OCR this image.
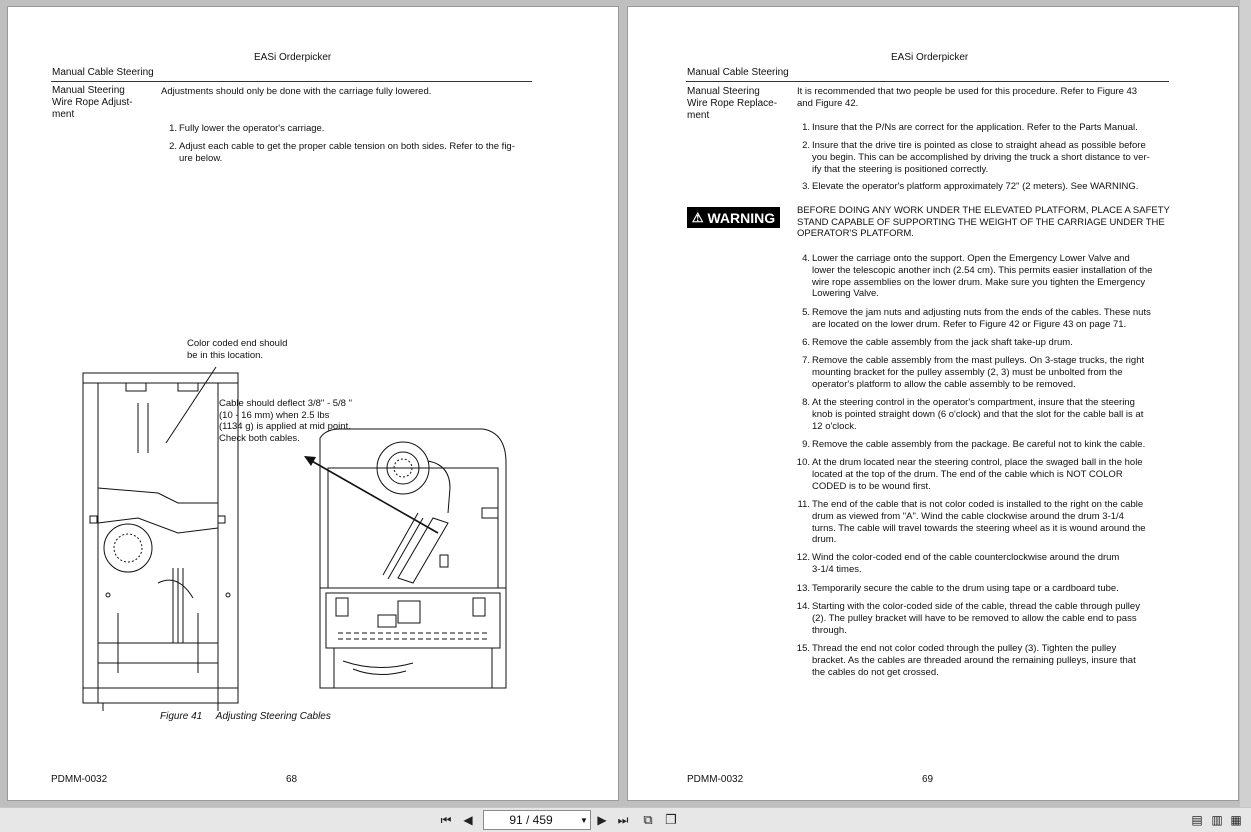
EASi Orderpicker
Manual Cable Steering
Manual Steering
Wire Rope Adjust-
ment
Adjustments should only be done with the carriage fully lowered.
1. Fully lower the operator's carriage.
2. Adjust each cable to get the proper cable tension on both sides. Refer to the fig-
ure below.
Color coded end should
be in this location.
Cable should deflect 3/8" - 5/8 "
(10 - 16 mm) when 2.5 lbs
(1134 g) is applied at mid point.
Check both cables.
Figure 41 Adjusting Steering Cables
PDMM-0032	68
EASi Orderpicker
Manual Cable Steering
Manual Steering
Wire Rope Replace-
ment
It is recommended that two people be used for this procedure. Refer to Figure 43
and Figure 42.
1. Insure that the P/Ns are correct for the application. Refer to the Parts Manual.
2. Insure that the drive tire is pointed as close to straight ahead as possible before
you begin. This can be accomplished by driving the truck a short distance to ver-
ify that the steering is positioned correctly.
3. Elevate the operator's platform approximately 72" (2 meters). See WARNING.
⚠ WARNING BEFORE DOING ANY WORK UNDER THE ELEVATED PLATFORM, PLACE A SAFETY
STAND CAPABLE OF SUPPORTING THE WEIGHT OF THE CARRIAGE UNDER THE
OPERATOR'S PLATFORM.
4. Lower the carriage onto the support. Open the Emergency Lower Valve and
lower the telescopic another inch (2.54 cm). This permits easier installation of the
wire rope assemblies on the lower drum. Make sure you tighten the Emergency
Lowering Valve.
5. Remove the jam nuts and adjusting nuts from the ends of the cables. These nuts
are located on the lower drum. Refer to Figure 42 or Figure 43 on page 71.
6. Remove the cable assembly from the jack shaft take-up drum.
7. Remove the cable assembly from the mast pulleys. On 3-stage trucks, the right
mounting bracket for the pulley assembly (2, 3) must be unbolted from the
operator's platform to allow the cable assembly to be removed.
8. At the steering control in the operator's compartment, insure that the steering
knob is pointed straight down (6 o'clock) and that the slot for the cable ball is at
12 o'clock.
9. Remove the cable assembly from the package. Be careful not to kink the cable.
10. At the drum located near the steering control, place the swaged ball in the hole
located at the top of the drum. The end of the cable which is NOT COLOR
CODED is to be wound first.
11. The end of the cable that is not color coded is installed to the right on the cable
drum as viewed from "A". Wind the cable clockwise around the drum 3-1/4
turns. The cable will travel towards the steering wheel as it is wound around the
drum.
12. Wind the color-coded end of the cable counterclockwise around the drum
3-1/4 times.
13. Temporarily secure the cable to the drum using tape or a cardboard tube.
14. Starting with the color-coded side of the cable, thread the cable through pulley
(2). The pulley bracket will have to be removed to allow the cable end to pass
through.
15. Thread the end not color coded through the pulley (3). Tighten the pulley
bracket. As the cables are threaded around the remaining pulleys, insure that
the cables do not get crossed.
PDMM-0032	69
⏮ ◀	91 / 459	▼ ▶ ⏭ ⧉ ❐	▤ ▥ ▦
